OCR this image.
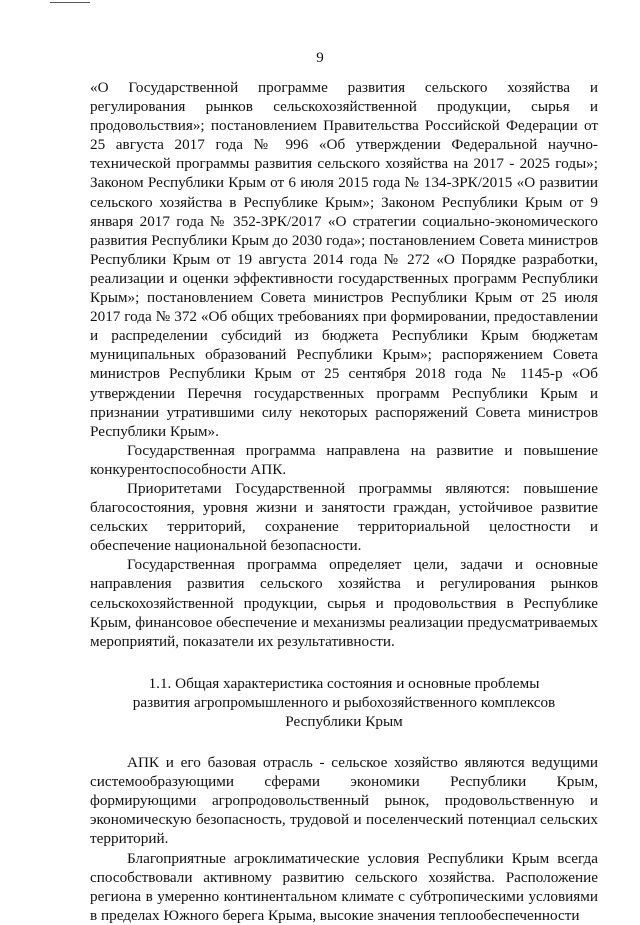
9

«О Государственной программе развития сельского хозяйства и регулирования рынков сельскохозяйственной продукции, сырья и продовольствия»; постановлением Правительства Российской Федерации от 25 августа 2017 года № 996 «Об утверждении Федеральной научно-технической программы развития сельского хозяйства на 2017 - 2025 годы»; Законом Республики Крым от 6 июля 2015 года № 134-ЗРК/2015 «О развитии сельского хозяйства в Республике Крым»; Законом Республики Крым от 9 января 2017 года № 352-ЗРК/2017 «О стратегии социально-экономического развития Республики Крым до 2030 года»; постановлением Совета министров Республики Крым от 19 августа 2014 года № 272 «О Порядке разработки, реализации и оценки эффективности государственных программ Республики Крым»; постановлением Совета министров Республики Крым от 25 июля 2017 года № 372 «Об общих требованиях при формировании, предоставлении и распределении субсидий из бюджета Республики Крым бюджетам муниципальных образований Республики Крым»; распоряжением Совета министров Республики Крым от 25 сентября 2018 года № 1145-р «Об утверждении Перечня государственных программ Республики Крым и признании утратившими силу некоторых распоряжений Совета министров Республики Крым».

Государственная программа направлена на развитие и повышение конкурентоспособности АПК.

Приоритетами Государственной программы являются: повышение благосостояния, уровня жизни и занятости граждан, устойчивое развитие сельских территорий, сохранение территориальной целостности и обеспечение национальной безопасности.

Государственная программа определяет цели, задачи и основные направления развития сельского хозяйства и регулирования рынков сельскохозяйственной продукции, сырья и продовольствия в Республике Крым, финансовое обеспечение и механизмы реализации предусматриваемых мероприятий, показатели их результативности.

1.1. Общая характеристика состояния и основные проблемы
развития агропромышленного и рыбохозяйственного комплексов
Республики Крым

АПК и его базовая отрасль - сельское хозяйство являются ведущими системообразующими сферами экономики Республики Крым, формирующими агропродовольственный рынок, продовольственную и экономическую безопасность, трудовой и поселенческий потенциал сельских территорий.

Благоприятные агроклиматические условия Республики Крым всегда способствовали активному развитию сельского хозяйства. Расположение региона в умеренно континентальном климате с субтропическими условиями в пределах Южного берега Крыма, высокие значения теплообеспеченности
